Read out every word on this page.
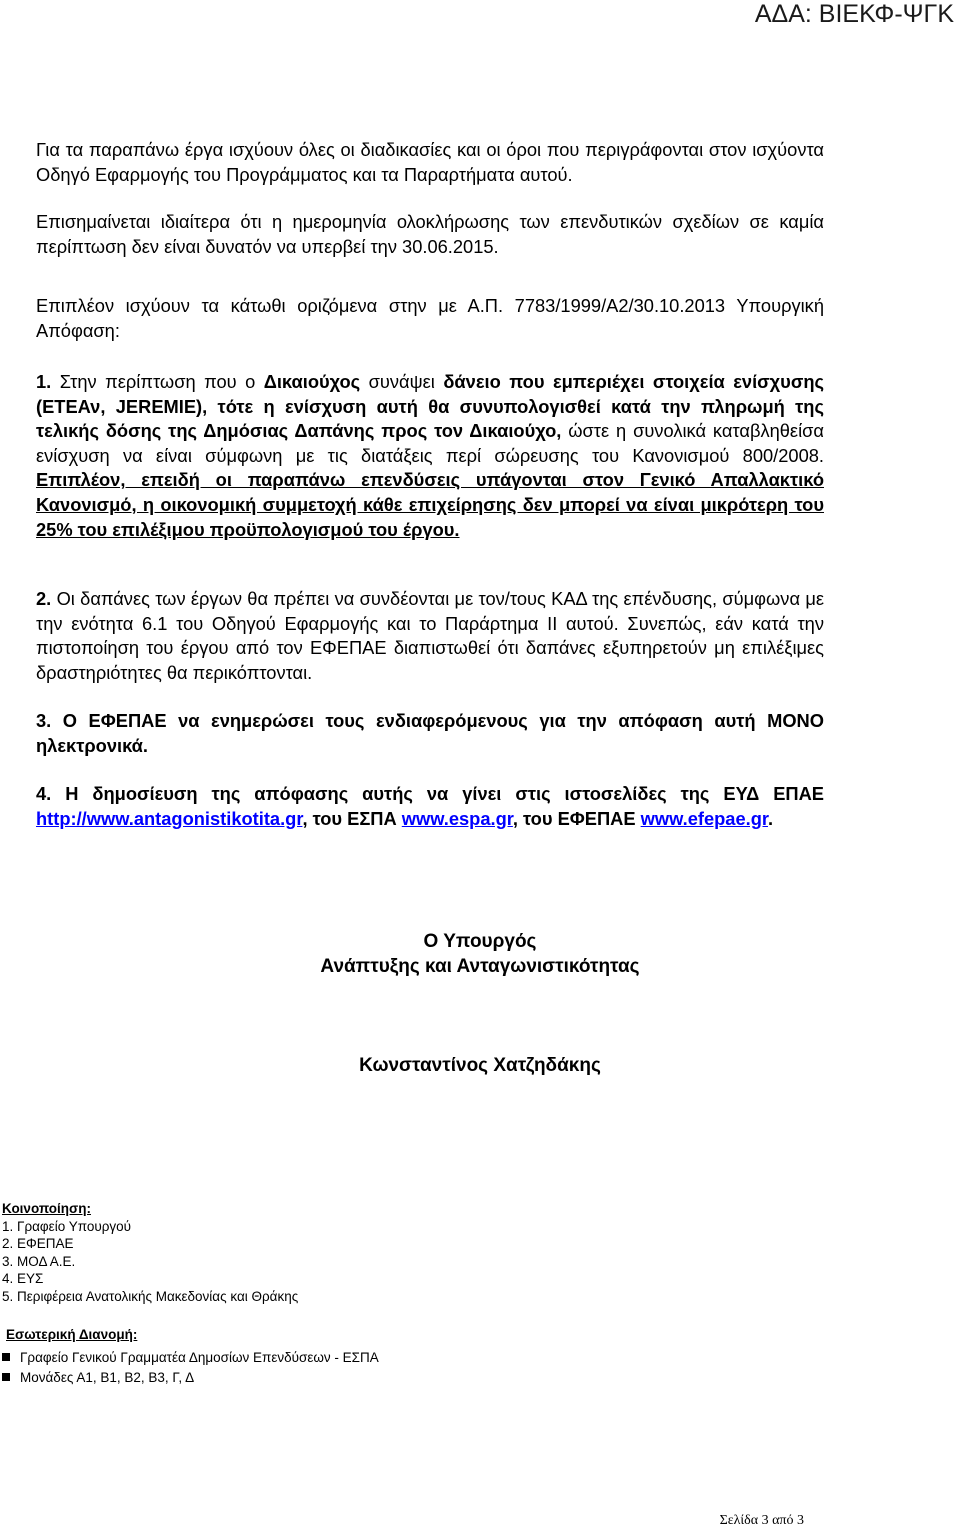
ΑΔΑ: ΒΙΕΚΦ-ΨΓΚ

Για τα παραπάνω έργα ισχύουν όλες οι διαδικασίες και οι όροι που περιγράφονται στον ισχύοντα Οδηγό Εφαρμογής του Προγράμματος και τα Παραρτήματα αυτού.

Επισημαίνεται ιδιαίτερα ότι η ημερομηνία ολοκλήρωσης των επενδυτικών σχεδίων σε καμία περίπτωση δεν είναι δυνατόν να υπερβεί την 30.06.2015.

Επιπλέον ισχύουν τα κάτωθι οριζόμενα στην με Α.Π. 7783/1999/Α2/30.10.2013 Υπουργική Απόφαση:

1. Στην περίπτωση που ο Δικαιούχος συνάψει δάνειο που εμπεριέχει στοιχεία ενίσχυσης (ΕΤΕΑν, JEREMIE), τότε η ενίσχυση αυτή θα συνυπολογισθεί κατά την πληρωμή της τελικής δόσης της Δημόσιας Δαπάνης προς τον Δικαιούχο, ώστε η συνολικά καταβληθείσα ενίσχυση να είναι σύμφωνη με τις διατάξεις περί σώρευσης του Κανονισμού 800/2008. Επιπλέον, επειδή οι παραπάνω επενδύσεις υπάγονται στον Γενικό Απαλλακτικό Κανονισμό, η οικονομική συμμετοχή κάθε επιχείρησης δεν μπορεί να είναι μικρότερη του 25% του επιλέξιμου προϋπολογισμού του έργου.
2. Οι δαπάνες των έργων θα πρέπει να συνδέονται με τον/τους ΚΑΔ της επένδυσης, σύμφωνα με την ενότητα 6.1 του Οδηγού Εφαρμογής και το Παράρτημα ΙΙ αυτού. Συνεπώς, εάν κατά την πιστοποίηση του έργου από τον ΕΦΕΠΑΕ διαπιστωθεί ότι δαπάνες εξυπηρετούν μη επιλέξιμες δραστηριότητες θα περικόπτονται.
3. Ο ΕΦΕΠΑΕ να ενημερώσει τους ενδιαφερόμενους για την απόφαση αυτή ΜΟΝΟ ηλεκτρονικά.
4. Η δημοσίευση της απόφασης αυτής να γίνει στις ιστοσελίδες της ΕΥΔ ΕΠΑΕ http://www.antagonistikotita.gr, του ΕΣΠΑ www.espa.gr, του ΕΦΕΠΑΕ www.efepae.gr.
Ο Υπουργός
Ανάπτυξης και Ανταγωνιστικότητας
Κωνσταντίνος Χατζηδάκης
Κοινοποίηση:
1. Γραφείο Υπουργού
2. ΕΦΕΠΑΕ
3. ΜΟΔ Α.Ε.
4. ΕΥΣ
5. Περιφέρεια Ανατολικής Μακεδονίας και Θράκης
Εσωτερική Διανομή:
Γραφείο Γενικού Γραμματέα Δημοσίων Επενδύσεων - ΕΣΠΑ
Μονάδες Α1, Β1, Β2, Β3, Γ, Δ
Σελίδα 3 από 3
